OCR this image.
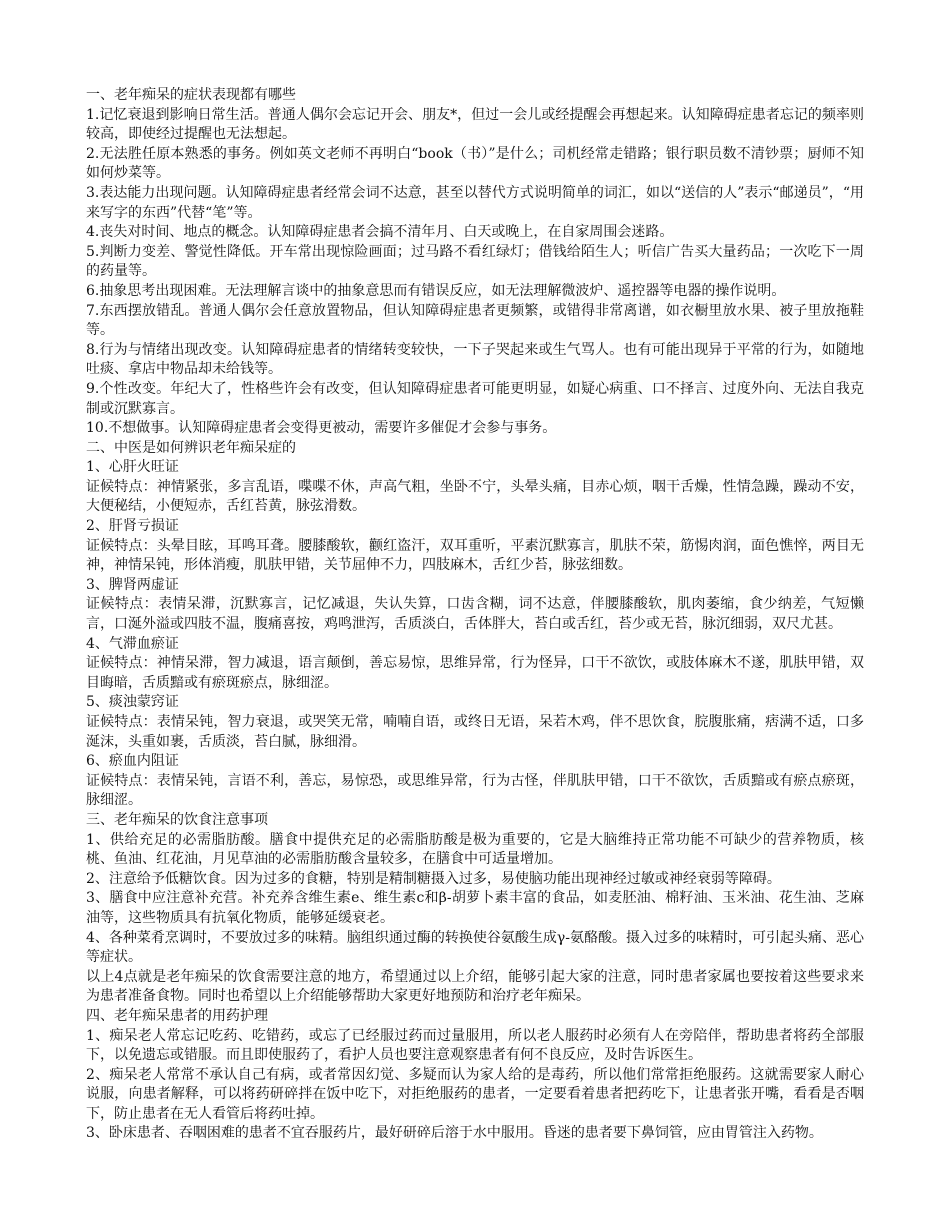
一、老年痴呆的症状表现都有哪些

1.记忆衰退到影响日常生活。普通人偶尔会忘记开会、朋友*，但过一会儿或经提醒会再想起来。认知障碍症患者忘记的频率则较高，即使经过提醒也无法想起。

2.无法胜任原本熟悉的事务。例如英文老师不再明白“book（书）”是什么；司机经常走错路；银行职员数不清钞票；厨师不知如何炒菜等。

3.表达能力出现问题。认知障碍症患者经常会词不达意，甚至以替代方式说明简单的词汇，如以“送信的人”表示“邮递员”，“用来写字的东西”代替“笔”等。

4.丧失对时间、地点的概念。认知障碍症患者会搞不清年月、白天或晚上，在自家周围会迷路。

5.判断力变差、警觉性降低。开车常出现惊险画面；过马路不看红绿灯；借钱给陌生人；听信广告买大量药品；一次吃下一周的药量等。

6.抽象思考出现困难。无法理解言谈中的抽象意思而有错误反应，如无法理解微波炉、遥控器等电器的操作说明。

7.东西摆放错乱。普通人偶尔会任意放置物品，但认知障碍症患者更频繁，或错得非常离谱，如衣橱里放水果、被子里放拖鞋等。

8.行为与情绪出现改变。认知障碍症患者的情绪转变较快，一下子哭起来或生气骂人。也有可能出现异于平常的行为，如随地吐痰、拿店中物品却未给钱等。

9.个性改变。年纪大了，性格些许会有改变，但认知障碍症患者可能更明显，如疑心病重、口不择言、过度外向、无法自我克制或沉默寡言。

10.不想做事。认知障碍症患者会变得更被动，需要许多催促才会参与事务。

二、中医是如何辨识老年痴呆症的

1、心肝火旺证

证候特点：神情紧张，多言乱语，喋喋不休，声高气粗，坐卧不宁，头晕头痛，目赤心烦，咽干舌燥，性情急躁，躁动不安，大便秘结，小便短赤，舌红苔黄，脉弦滑数。

2、肝肾亏损证

证候特点：头晕目眩，耳鸣耳聋。腰膝酸软，颧红盗汗，双耳重听，平素沉默寡言，肌肤不荣，筋惕肉润，面色憔悴，两目无神，神情呆钝，形体消瘦，肌肤甲错，关节屈伸不力，四肢麻木，舌红少苔，脉弦细数。

3、脾肾两虚证

证候特点：表情呆滞，沉默寡言，记忆减退，失认失算，口齿含糊，词不达意，伴腰膝酸软，肌肉萎缩，食少纳差，气短懒言，口涎外溢或四肢不温，腹痛喜按，鸡鸣泄泻，舌质淡白，舌体胖大，苔白或舌红，苔少或无苔，脉沉细弱，双尺尤甚。

4、气滞血瘀证

证候特点：神情呆滞，智力减退，语言颠倒，善忘易惊，思维异常，行为怪异，口干不欲饮，或肢体麻木不遂，肌肤甲错，双目晦暗，舌质黯或有瘀斑瘀点，脉细涩。

5、痰浊蒙窍证

证候特点：表情呆钝，智力衰退，或哭笑无常，喃喃自语，或终日无语，呆若木鸡，伴不思饮食，脘腹胀痛，痞满不适，口多涎沫，头重如裹，舌质淡，苔白腻，脉细滑。

6、瘀血内阻证

证候特点：表情呆钝，言语不利，善忘，易惊恐，或思维异常，行为古怪，伴肌肤甲错，口干不欲饮，舌质黯或有瘀点瘀斑，脉细涩。

三、老年痴呆的饮食注意事项

1、供给充足的必需脂肪酸。膳食中提供充足的必需脂肪酸是极为重要的，它是大脑维持正常功能不可缺少的营养物质，核桃、鱼油、红花油，月见草油的必需脂肪酸含量较多，在膳食中可适量增加。

2、注意给予低糖饮食。因为过多的食糖，特别是精制糖摄入过多，易使脑功能出现神经过敏或神经衰弱等障碍。

3、膳食中应注意补充营。补充养含维生素e、维生素c和β-胡萝卜素丰富的食品，如麦胚油、棉籽油、玉米油、花生油、芝麻油等，这些物质具有抗氧化物质，能够延缓衰老。

4、各种菜肴烹调时，不要放过多的味精。脑组织通过酶的转换使谷氨酸生成γ-氨酪酸。摄入过多的味精时，可引起头痛、恶心等症状。

以上4点就是老年痴呆的饮食需要注意的地方，希望通过以上介绍，能够引起大家的注意，同时患者家属也要按着这些要求来为患者准备食物。同时也希望以上介绍能够帮助大家更好地预防和治疗老年痴呆。

四、老年痴呆患者的用药护理

1、痴呆老人常忘记吃药、吃错药，或忘了已经服过药而过量服用，所以老人服药时必须有人在旁陪伴，帮助患者将药全部服下，以免遗忘或错服。而且即使服药了，看护人员也要注意观察患者有何不良反应，及时告诉医生。

2、痴呆老人常常不承认自己有病，或者常因幻觉、多疑而认为家人给的是毒药，所以他们常常拒绝服药。这就需要家人耐心说服，向患者解释，可以将药研碎拌在饭中吃下，对拒绝服药的患者，一定要看着患者把药吃下，让患者张开嘴，看看是否咽下，防止患者在无人看管后将药吐掉。

3、卧床患者、吞咽困难的患者不宜吞服药片，最好研碎后溶于水中服用。昏迷的患者要下鼻饲管，应由胃管注入药物。
